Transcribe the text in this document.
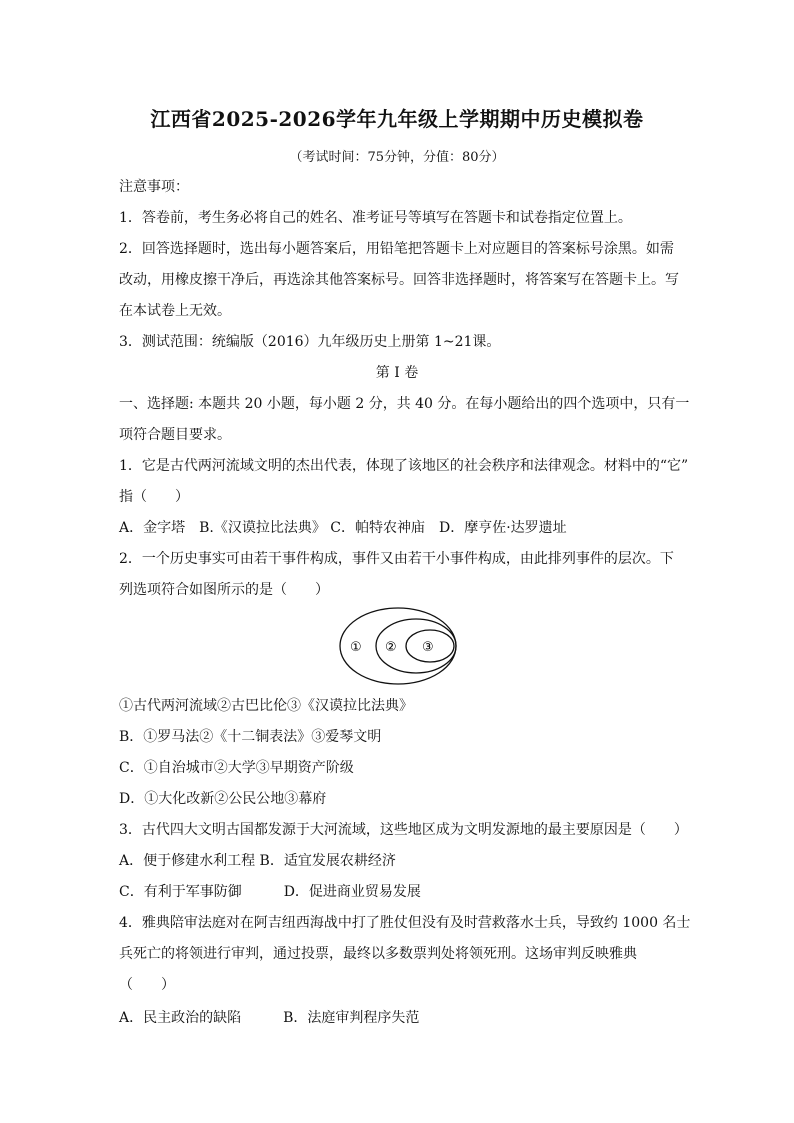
江西省2025-2026学年九年级上学期期中历史模拟卷
（考试时间：75分钟，分值：80分）
注意事项：
1．答卷前，考生务必将自己的姓名、准考证号等填写在答题卡和试卷指定位置上。
2．回答选择题时，选出每小题答案后，用铅笔把答题卡上对应题目的答案标号涂黑。如需
改动，用橡皮擦干净后，再选涂其他答案标号。回答非选择题时，将答案写在答题卡上。写
在本试卷上无效。
3．测试范围：统编版（2016）九年级历史上册第 1~21课。
第 I 卷
一、选择题: 本题共 20 小题，每小题 2 分，共 40 分。在每小题给出的四个选项中，只有一
项符合题目要求。
1．它是古代两河流域文明的杰出代表，体现了该地区的社会秩序和法律观念。材料中的“它”
指（　　）
A．金字塔　B.《汉谟拉比法典》 C．帕特农神庙　D．摩亨佐·达罗遗址
2．一个历史事实可由若干事件构成，事件又由若干小事件构成，由此排列事件的层次。下
列选项符合如图所示的是（　　）
① ② ③
①古代两河流域②古巴比伦③《汉谟拉比法典》
B．①罗马法②《十二铜表法》③爱琴文明
C．①自治城市②大学③早期资产阶级
D．①大化改新②公民公地③幕府
3．古代四大文明古国都发源于大河流域，这些地区成为文明发源地的最主要原因是（　　）
A．便于修建水利工程 B．适宜发展农耕经济
C．有利于军事防御　　　D．促进商业贸易发展
4．雅典陪审法庭对在阿吉纽西海战中打了胜仗但没有及时营救落水士兵，导致约 1000 名士
兵死亡的将领进行审判，通过投票，最终以多数票判处将领死刑。这场审判反映雅典
（　　）
A．民主政治的缺陷　　　B．法庭审判程序失范
